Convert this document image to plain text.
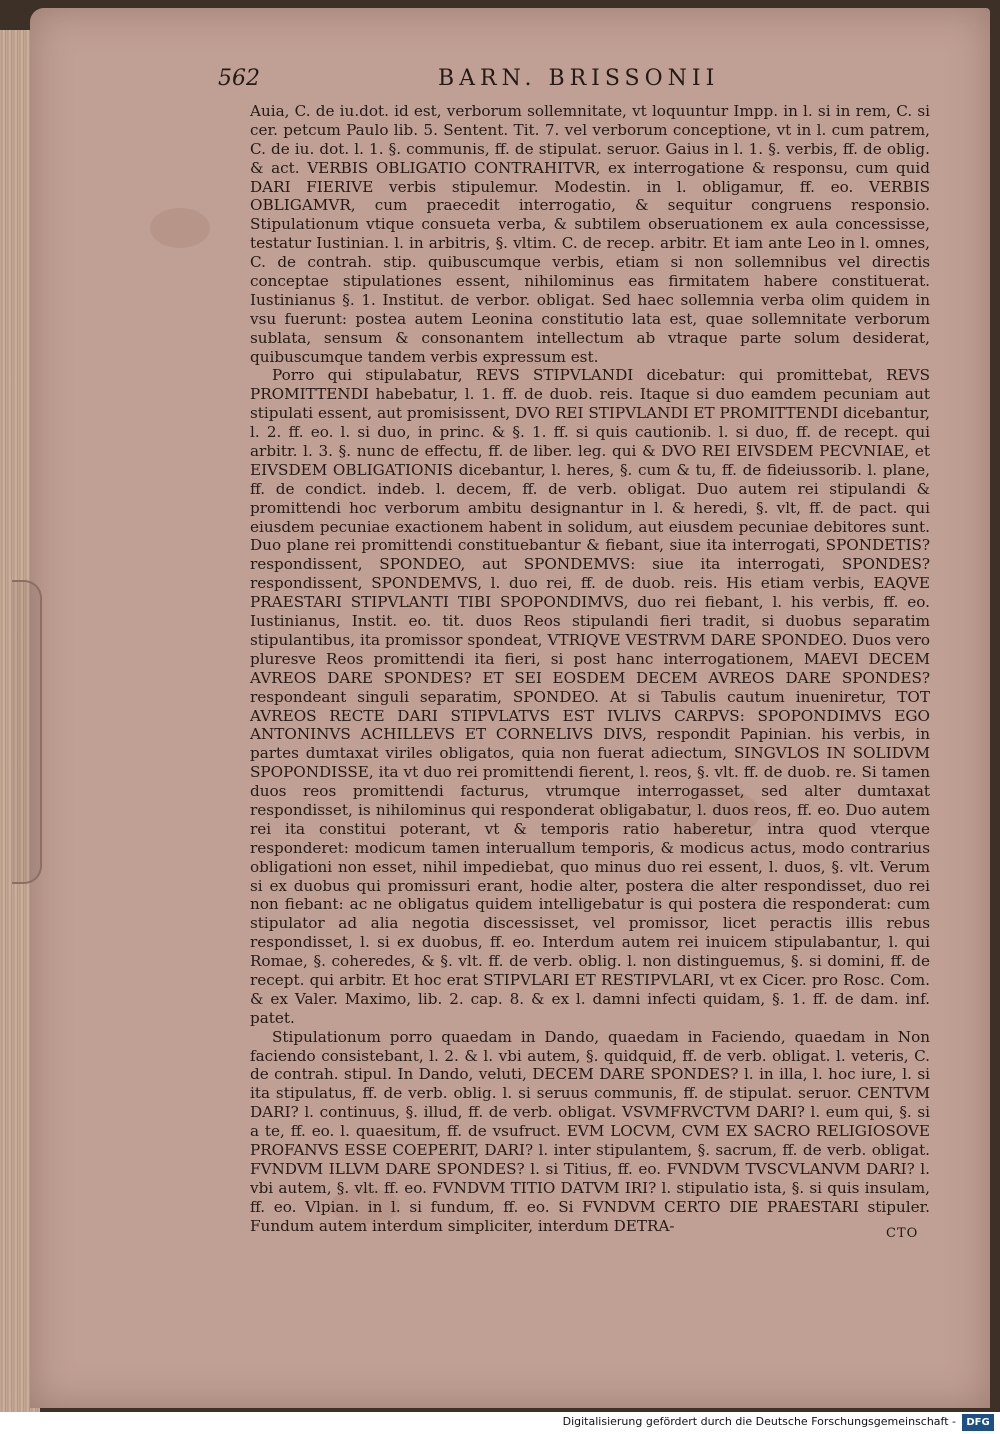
562	BARN. BRISSONII

Auia, C. de iu.dot. id est, verborum sollemnitate, vt loquuntur Impp. in l. si in rem, C. si cer. petcum Paulo lib. 5. Sentent. Tit. 7. vel verborum conceptione, vt in l. cum patrem, C. de iu. dot. l. 1. §. communis, ff. de stipulat. seruor. Gaius in l. 1. §. verbis, ff. de oblig. & act. VERBIS OBLIGATIO CONTRAHITVR, ex interrogatione & responsu, cum quid DARI FIERIVE verbis stipulemur. Modestin. in l. obligamur, ff. eo. VERBIS OBLIGAMVR, cum praecedit interrogatio, & sequitur congruens responsio. Stipulationum vtique consueta verba, & subtilem obseruationem ex aula concessisse, testatur Iustinian. l. in arbitris, §. vltim. C. de recep. arbitr. Et iam ante Leo in l. omnes, C. de contrah. stip. quibuscumque verbis, etiam si non sollemnibus vel directis conceptae stipulationes essent, nihilominus eas firmitatem habere constituerat. Iustinianus §. 1. Institut. de verbor. obligat. Sed haec sollemnia verba olim quidem in vsu fuerunt: postea autem Leonina constitutio lata est, quae sollemnitate verborum sublata, sensum & consonantem intellectum ab vtraque parte solum desiderat, quibuscumque tandem verbis expressum est.

Porro qui stipulabatur, REVS STIPVLANDI dicebatur: qui promittebat, REVS PROMITTENDI habebatur, l. 1. ff. de duob. reis. Itaque si duo eamdem pecuniam aut stipulati essent, aut promisissent, DVO REI STIPVLANDI ET PROMITTENDI dicebantur, l. 2. ff. eo. l. si duo, in princ. & §. 1. ff. si quis cautionib. l. si duo, ff. de recept. qui arbitr. l. 3. §. nunc de effectu, ff. de liber. leg. qui & DVO REI EIVSDEM PECVNIAE, et EIVSDEM OBLIGATIONIS dicebantur, l. heres, §. cum & tu, ff. de fideiussorib. l. plane, ff. de condict. indeb. l. decem, ff. de verb. obligat. Duo autem rei stipulandi & promittendi hoc verborum ambitu designantur in l. & heredi, §. vlt, ff. de pact. qui eiusdem pecuniae exactionem habent in solidum, aut eiusdem pecuniae debitores sunt. Duo plane rei promittendi constituebantur & fiebant, siue ita interrogati, SPONDETIS? respondissent, SPONDEO, aut SPONDEMVS: siue ita interrogati, SPONDES? respondissent, SPONDEMVS, l. duo rei, ff. de duob. reis. His etiam verbis, EAQVE PRAESTARI STIPVLANTI TIBI SPOPONDIMVS, duo rei fiebant, l. his verbis, ff. eo. Iustinianus, Instit. eo. tit. duos Reos stipulandi fieri tradit, si duobus separatim stipulantibus, ita promissor spondeat, VTRIQVE VESTRVM DARE SPONDEO. Duos vero pluresve Reos promittendi ita fieri, si post hanc interrogationem, MAEVI DECEM AVREOS DARE SPONDES? ET SEI EOSDEM DECEM AVREOS DARE SPONDES? respondeant singuli separatim, SPONDEO. At si Tabulis cautum inueniretur, TOT AVREOS RECTE DARI STIPVLATVS EST IVLIVS CARPVS: SPOPONDIMVS EGO ANTONINVS ACHILLEVS ET CORNELIVS DIVS, respondit Papinian. his verbis, in partes dumtaxat viriles obligatos, quia non fuerat adiectum, SINGVLOS IN SOLIDVM SPOPONDISSE, ita vt duo rei promittendi fierent, l. reos, §. vlt. ff. de duob. re. Si tamen duos reos promittendi facturus, vtrumque interrogasset, sed alter dumtaxat respondisset, is nihilominus qui responderat obligabatur, l. duos reos, ff. eo. Duo autem rei ita constitui poterant, vt & temporis ratio haberetur, intra quod vterque responderet: modicum tamen interuallum temporis, & modicus actus, modo contrarius obligationi non esset, nihil impediebat, quo minus duo rei essent, l. duos, §. vlt. Verum si ex duobus qui promissuri erant, hodie alter, postera die alter respondisset, duo rei non fiebant: ac ne obligatus quidem intelligebatur is qui postera die responderat: cum stipulator ad alia negotia discessisset, vel promissor, licet peractis illis rebus respondisset, l. si ex duobus, ff. eo. Interdum autem rei inuicem stipulabantur, l. qui Romae, §. coheredes, & §. vlt. ff. de verb. oblig. l. non distinguemus, §. si domini, ff. de recept. qui arbitr. Et hoc erat STIPVLARI ET RESTIPVLARI, vt ex Cicer. pro Rosc. Com. & ex Valer. Maximo, lib. 2. cap. 8. & ex l. damni infecti quidam, §. 1. ff. de dam. inf. patet.

Stipulationum porro quaedam in Dando, quaedam in Faciendo, quaedam in Non faciendo consistebant, l. 2. & l. vbi autem, §. quidquid, ff. de verb. obligat. l. veteris, C. de contrah. stipul. In Dando, veluti, DECEM DARE SPONDES? l. in illa, l. hoc iure, l. si ita stipulatus, ff. de verb. oblig. l. si seruus communis, ff. de stipulat. seruor. CENTVM DARI? l. continuus, §. illud, ff. de verb. obligat. VSVMFRVCTVM DARI? l. eum qui, §. si a te, ff. eo. l. quaesitum, ff. de vsufruct. EVM LOCVM, CVM EX SACRO RELIGIOSOVE PROFANVS ESSE COEPERIT, DARI? l. inter stipulantem, §. sacrum, ff. de verb. obligat. FVNDVM ILLVM DARE SPONDES? l. si Titius, ff. eo. FVNDVM TVSCVLANVM DARI? l. vbi autem, §. vlt. ff. eo. FVNDVM TITIO DATVM IRI? l. stipulatio ista, §. si quis insulam, ff. eo. Vlpian. in l. si fundum, ff. eo. Si FVNDVM CERTO DIE PRAESTARI stipuler. Fundum autem interdum simpliciter, interdum DETRA-	CTO
Digitalisierung gefördert durch die Deutsche Forschungsgemeinschaft -	DFG
